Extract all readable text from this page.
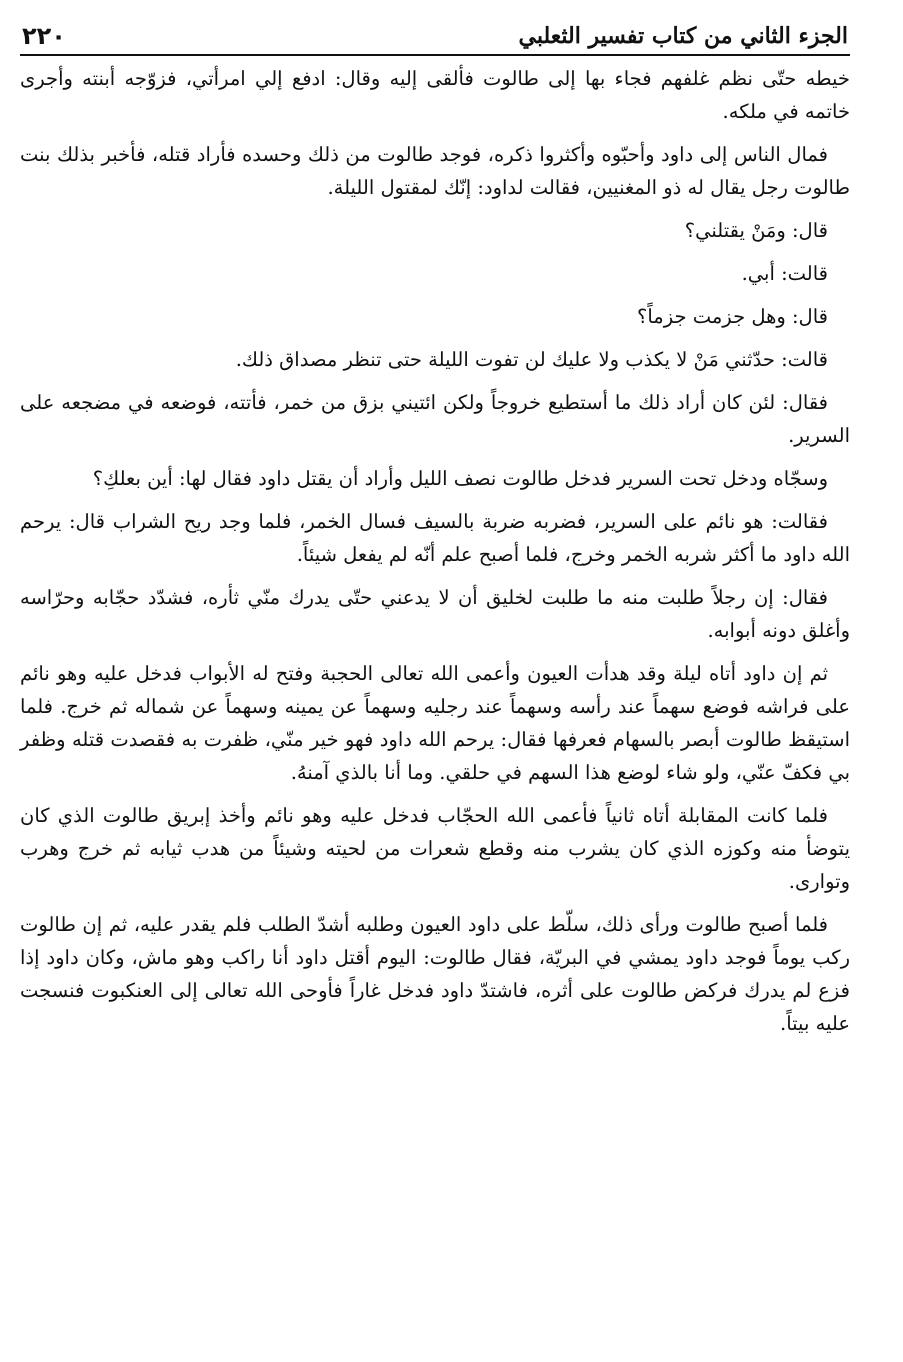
الجزء الثاني من كتاب تفسير الثعلبي
٢٢٠

خيطه حتّى نظم غلفهم فجاء بها إلى طالوت فألقى إليه وقال: ادفع إلي امرأتي، فزوّجه أبنته وأجرى خاتمه في ملكه.

فمال الناس إلى داود وأحبّوه وأكثروا ذكره، فوجد طالوت من ذلك وحسده فأراد قتله، فأخبر بذلك بنت طالوت رجل يقال له ذو المغنيين، فقالت لداود: إنّك لمقتول الليلة.

قال: ومَنْ يقتلني؟

قالت: أبي.

قال: وهل جزمت جزماً؟

قالت: حدّثني مَنْ لا يكذب ولا عليك لن تفوت الليلة حتى تنظر مصداق ذلك.

فقال: لئن كان أراد ذلك ما أستطيع خروجاً ولكن ائتيني بزق من خمر، فأتته، فوضعه في مضجعه على السرير.

وسجّاه ودخل تحت السرير فدخل طالوت نصف الليل وأراد أن يقتل داود فقال لها: أين بعلكِ؟

فقالت: هو نائم على السرير، فضربه ضربة بالسيف فسال الخمر، فلما وجد ريح الشراب قال: يرحم الله داود ما أكثر شربه الخمر وخرج، فلما أصبح علم أنّه لم يفعل شيئاً.

فقال: إن رجلاً طلبت منه ما طلبت لخليق أن لا يدعني حتّى يدرك منّي ثأره، فشدّد حجّابه وحرّاسه وأغلق دونه أبوابه.

ثم إن داود أتاه ليلة وقد هدأت العيون وأعمى الله تعالى الحجبة وفتح له الأبواب فدخل عليه وهو نائم على فراشه فوضع سهماً عند رأسه وسهماً عند رجليه وسهماً عن يمينه وسهماً عن شماله ثم خرج. فلما استيقظ طالوت أبصر بالسهام فعرفها فقال: يرحم الله داود فهو خير منّي، ظفرت به فقصدت قتله وظفر بي فكفّ عنّي، ولو شاء لوضع هذا السهم في حلقي. وما أنا بالذي آمنهُ.

فلما كانت المقابلة أتاه ثانياً فأعمى الله الحجّاب فدخل عليه وهو نائم وأخذ إبريق طالوت الذي كان يتوضأ منه وكوزه الذي كان يشرب منه وقطع شعرات من لحيته وشيئاً من هدب ثيابه ثم خرج وهرب وتوارى.

فلما أصبح طالوت ورأى ذلك، سلّط على داود العيون وطلبه أشدّ الطلب فلم يقدر عليه، ثم إن طالوت ركب يوماً فوجد داود يمشي في البريّة، فقال طالوت: اليوم أقتل داود أنا راكب وهو ماش، وكان داود إذا فزع لم يدرك فركض طالوت على أثره، فاشتدّ داود فدخل غاراً فأوحى الله تعالى إلى العنكبوت فنسجت عليه بيتاً.
